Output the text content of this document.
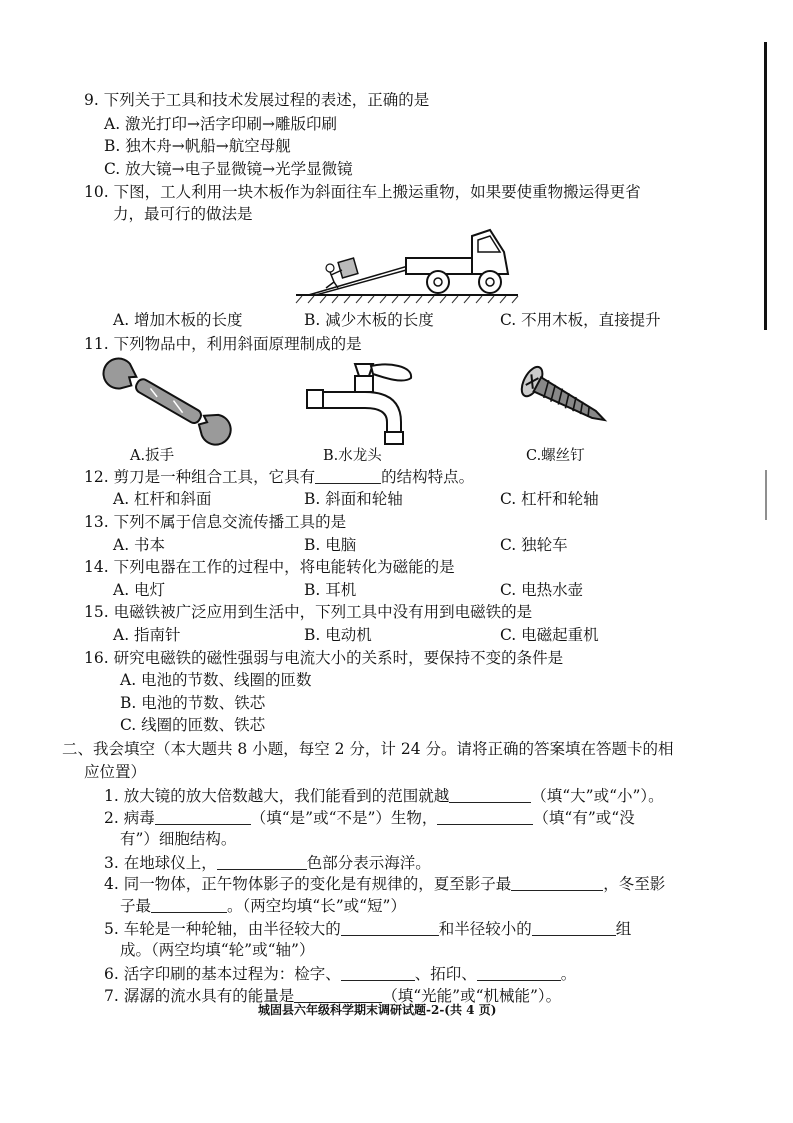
9. 下列关于工具和技术发展过程的表述，正确的是
A. 激光打印→活字印刷→雕版印刷
B. 独木舟→帆船→航空母舰
C. 放大镜→电子显微镜→光学显微镜
10. 下图，工人利用一块木板作为斜面往车上搬运重物，如果要使重物搬运得更省
力，最可行的做法是
A. 增加木板的长度	B. 减少木板的长度	C. 不用木板，直接提升
11. 下列物品中，利用斜面原理制成的是
A.扳手	B.水龙头	C.螺丝钉
12. 剪刀是一种组合工具，它具有	的结构特点。
A. 杠杆和斜面	B. 斜面和轮轴	C. 杠杆和轮轴
13. 下列不属于信息交流传播工具的是
A. 书本	B. 电脑	C. 独轮车
14. 下列电器在工作的过程中，将电能转化为磁能的是
A. 电灯	B. 耳机	C. 电热水壶
15. 电磁铁被广泛应用到生活中，下列工具中没有用到电磁铁的是
A. 指南针	B. 电动机	C. 电磁起重机
16. 研究电磁铁的磁性强弱与电流大小的关系时，要保持不变的条件是
A. 电池的节数、线圈的匝数
B. 电池的节数、铁芯
C. 线圈的匝数、铁芯
二、我会填空（本大题共 8 小题，每空 2 分，计 24 分。请将正确的答案填在答题卡的相
应位置）
1. 放大镜的放大倍数越大，我们能看到的范围就越	（填“大”或“小”）。
2. 病毒	（填“是”或“不是”）生物，	（填“有”或“没
有”）细胞结构。
3. 在地球仪上，	色部分表示海洋。
4. 同一物体，正午物体影子的变化是有规律的，夏至影子最	，冬至影
子最	。（两空均填“长”或“短”）
5. 车轮是一种轮轴，由半径较大的	和半径较小的	组
成。（两空均填“轮”或“轴”）
6. 活字印刷的基本过程为：检字、	、拓印、	。
7. 潺潺的流水具有的能量是	（填“光能”或“机械能”）。
城固县六年级科学期末调研试题-2-(共 4 页)
